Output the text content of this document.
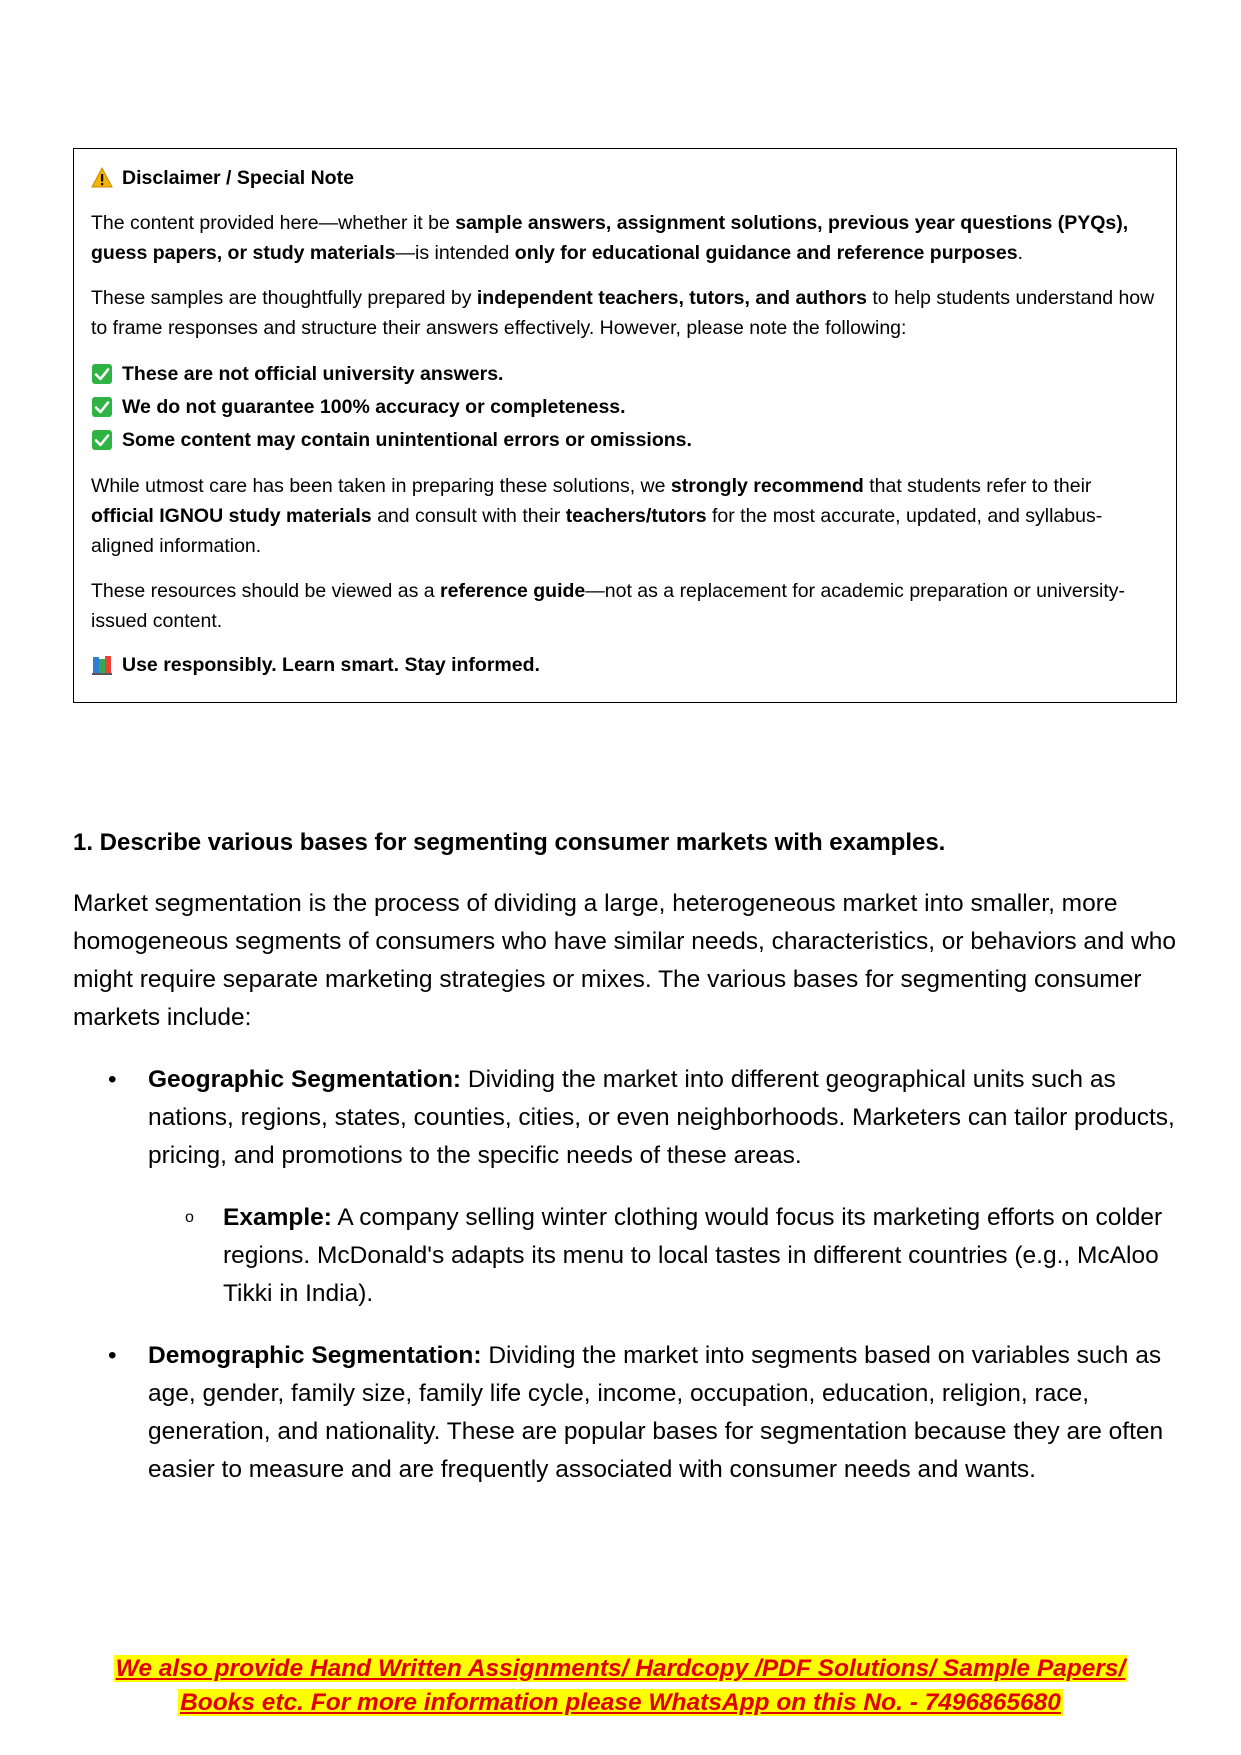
Disclaimer / Special Note

The content provided here—whether it be sample answers, assignment solutions, previous year questions (PYQs), guess papers, or study materials—is intended only for educational guidance and reference purposes.

These samples are thoughtfully prepared by independent teachers, tutors, and authors to help students understand how to frame responses and structure their answers effectively. However, please note the following:

These are not official university answers.
We do not guarantee 100% accuracy or completeness.
Some content may contain unintentional errors or omissions.

While utmost care has been taken in preparing these solutions, we strongly recommend that students refer to their official IGNOU study materials and consult with their teachers/tutors for the most accurate, updated, and syllabus-aligned information.

These resources should be viewed as a reference guide—not as a replacement for academic preparation or university-issued content.

Use responsibly. Learn smart. Stay informed.

1. Describe various bases for segmenting consumer markets with examples.

Market segmentation is the process of dividing a large, heterogeneous market into smaller, more homogeneous segments of consumers who have similar needs, characteristics, or behaviors and who might require separate marketing strategies or mixes. The various bases for segmenting consumer markets include:

• Geographic Segmentation: Dividing the market into different geographical units such as nations, regions, states, counties, cities, or even neighborhoods. Marketers can tailor products, pricing, and promotions to the specific needs of these areas.
o Example: A company selling winter clothing would focus its marketing efforts on colder regions. McDonald's adapts its menu to local tastes in different countries (e.g., McAloo Tikki in India).
• Demographic Segmentation: Dividing the market into segments based on variables such as age, gender, family size, family life cycle, income, occupation, education, religion, race, generation, and nationality. These are popular bases for segmentation because they are often easier to measure and are frequently associated with consumer needs and wants.
We also provide Hand Written Assignments/ Hardcopy /PDF Solutions/ Sample Papers/
Books etc. For more information please WhatsApp on this No. - 7496865680
